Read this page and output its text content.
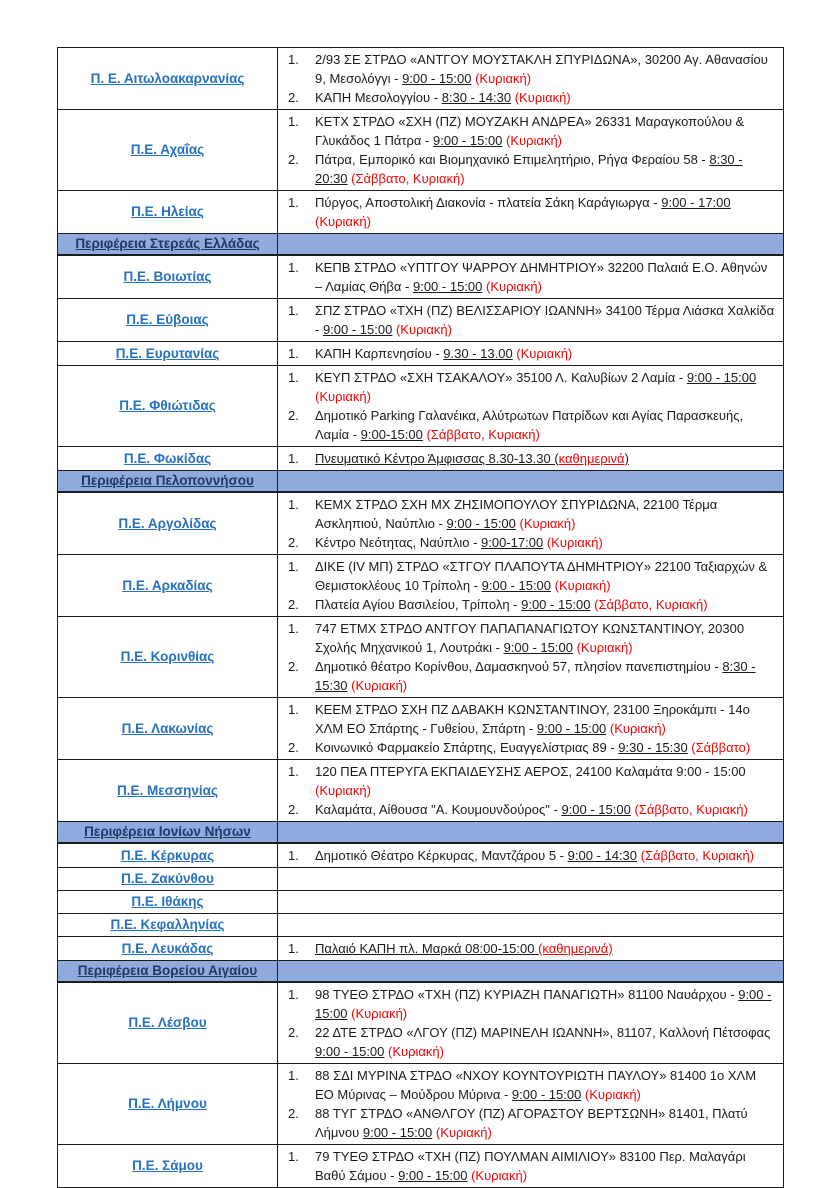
Π. Ε. Αιτωλοακαρνανίας
1.	2/93 ΣΕ ΣΤΡΔΟ «ΑΝΤΓΟΥ ΜΟΥΣΤΑΚΛΗ ΣΠΥΡΙΔΩΝΑ», 30200 Αγ. Αθανασίου 9, Μεσολόγγι - 9:00 - 15:00 (Κυριακή)
2.	ΚΑΠΗ Μεσολογγίου - 8:30 - 14:30 (Κυριακή)
Π.Ε. Αχαΐας
1.	ΚΕΤΧ ΣΤΡΔΟ «ΣΧΗ (ΠΖ) ΜΟΥΖΑΚΗ ΑΝΔΡΕΑ» 26331 Μαραγκοπούλου & Γλυκάδος 1 Πάτρα - 9:00 - 15:00 (Κυριακή)
2.	Πάτρα, Εμπορικό και Βιομηχανικό Επιμελητήριο, Ρήγα Φεραίου 58 - 8:30 - 20:30 (Σάββατο, Κυριακή)
Π.Ε. Ηλείας
1.	Πύργος, Αποστολική Διακονία - πλατεία Σάκη Καράγιωργα - 9:00 - 17:00 (Κυριακή)
Περιφέρεια Στερεάς Ελλάδας
Π.Ε. Βοιωτίας
1.	ΚΕΠΒ ΣΤΡΔΟ «ΥΠΤΓΟΥ ΨΑΡΡΟΥ ΔΗΜΗΤΡΙΟΥ» 32200 Παλαιά Ε.Ο. Αθηνών – Λαμίας Θήβα - 9:00 - 15:00 (Κυριακή)
Π.Ε. Εύβοιας
1.	ΣΠΖ ΣΤΡΔΟ «ΤΧΗ (ΠΖ) ΒΕΛΙΣΣΑΡΙΟΥ ΙΩΑΝΝΗ» 34100 Τέρμα Λιάσκα Χαλκίδα - 9:00 - 15:00 (Κυριακή)
Π.Ε. Ευρυτανίας	1.	ΚΑΠΗ Καρπενησίου - 9.30 - 13.00 (Κυριακή)
Π.Ε. Φθιώτιδας
1.	ΚΕΥΠ ΣΤΡΔΟ «ΣΧΗ ΤΣΑΚΑΛΟΥ» 35100 Λ. Καλυβίων 2 Λαμία - 9:00 - 15:00 (Κυριακή)
2.	Δημοτικό Parking Γαλανέικα, Αλύτρωτων Πατρίδων και Αγίας Παρασκευής, Λαμία - 9:00-15:00 (Σάββατο, Κυριακή)
Π.Ε. Φωκίδας	1.	Πνευματικό Κέντρο Άμφισσας 8.30-13.30 (καθημερινά)
Περιφέρεια Πελοποννήσου
Π.Ε. Αργολίδας
1.	ΚΕΜΧ ΣΤΡΔΟ ΣΧΗ ΜΧ ΖΗΣΙΜΟΠΟΥΛΟΥ ΣΠΥΡΙΔΩΝΑ, 22100 Τέρμα Ασκληπιού, Ναύπλιο - 9:00 - 15:00 (Κυριακή)
2.	Κέντρο Νεότητας, Ναύπλιο - 9:00-17:00 (Κυριακή)
Π.Ε. Αρκαδίας
1.	ΔΙΚΕ (IV ΜΠ) ΣΤΡΔΟ «ΣΤΓΟΥ ΠΛΑΠΟΥΤΑ ΔΗΜΗΤΡΙΟΥ» 22100 Ταξιαρχών & Θεμιστοκλέους 10 Τρίπολη - 9:00 - 15:00 (Κυριακή)
2.	Πλατεία Αγίου Βασιλείου, Τρίπολη - 9:00 - 15:00 (Σάββατο, Κυριακή)
Π.Ε. Κορινθίας
1.	747 ΕΤΜΧ ΣΤΡΔΟ ΑΝΤΓΟΥ ΠΑΠΑΠΑΝΑΓΙΩΤΟΥ ΚΩΝΣΤΑΝΤΙΝΟΥ, 20300 Σχολής Μηχανικού 1, Λουτράκι - 9:00 - 15:00 (Κυριακή)
2.	Δημοτικό θέατρο Κορίνθου, Δαμασκηνού 57, πλησίον πανεπιστημίου - 8:30 - 15:30 (Κυριακή)
Π.Ε. Λακωνίας
1.	ΚΕΕΜ ΣΤΡΔΟ ΣΧΗ ΠΖ ΔΑΒΑΚΗ ΚΩΝΣΤΑΝΤΙΝΟΥ, 23100 Ξηροκάμπι - 14ο ΧΛΜ ΕΟ Σπάρτης - Γυθείου, Σπάρτη - 9:00 - 15:00 (Κυριακή)
2.	Κοινωνικό Φαρμακείο Σπάρτης, Ευαγγελίστριας 89 - 9:30 - 15:30 (Σάββατο)
Π.Ε. Μεσσηνίας
1.	120 ΠΕΑ ΠΤΕΡΥΓΑ ΕΚΠΑΙΔΕΥΣΗΣ ΑΕΡΟΣ, 24100 Καλαμάτα 9:00 - 15:00 (Κυριακή)
2.	Καλαμάτα, Αίθουσα "Α. Κουμουνδούρος" - 9:00 - 15:00 (Σάββατο, Κυριακή)
Περιφέρεια Ιονίων Νήσων
Π.Ε. Κέρκυρας	1.	Δημοτικό Θέατρο Κέρκυρας, Μαντζάρου 5 - 9:00 - 14:30 (Σάββατο, Κυριακή)
Π.Ε. Ζακύνθου
Π.Ε. Ιθάκης
Π.Ε. Κεφαλληνίας
Π.Ε. Λευκάδας	1.	Παλαιό ΚΑΠΗ πλ. Μαρκά 08:00-15:00 (καθημερινά)
Περιφέρεια Βορείου Αιγαίου
Π.Ε. Λέσβου
1.	98 ΤΥΕΘ ΣΤΡΔΟ «ΤΧΗ (ΠΖ) ΚΥΡΙΑΖΗ ΠΑΝΑΓΙΩΤΗ» 81100 Ναυάρχου - 9:00 - 15:00 (Κυριακή)
2.	22 ΔΤΕ ΣΤΡΔΟ «ΛΓΟΥ (ΠΖ) ΜΑΡΙΝΕΛΗ ΙΩΑΝΝΗ», 81107, Καλλονή Πέτσοφας 9:00 - 15:00 (Κυριακή)
Π.Ε. Λήμνου
1.	88 ΣΔΙ ΜΥΡΙΝΑ ΣΤΡΔΟ «ΝΧΟΥ ΚΟΥΝΤΟΥΡΙΩΤΗ ΠΑΥΛΟΥ» 81400 1ο ΧΛΜ ΕΟ Μύρινας – Μούδρου Μύρινα - 9:00 - 15:00 (Κυριακή)
2.	88 ΤΥΓ ΣΤΡΔΟ «ΑΝΘΛΓΟΥ (ΠΖ) ΑΓΟΡΑΣΤΟΥ ΒΕΡΤΣΩΝΗ» 81401, Πλατύ Λήμνου 9:00 - 15:00 (Κυριακή)
Π.Ε. Σάμου
1.	79 ΤΥΕΘ ΣΤΡΔΟ «ΤΧΗ (ΠΖ) ΠΟΥΛΜΑΝ ΑΙΜΙΛΙΟΥ» 83100 Περ. Μαλαγάρι Βαθύ Σάμου - 9:00 - 15:00 (Κυριακή)
